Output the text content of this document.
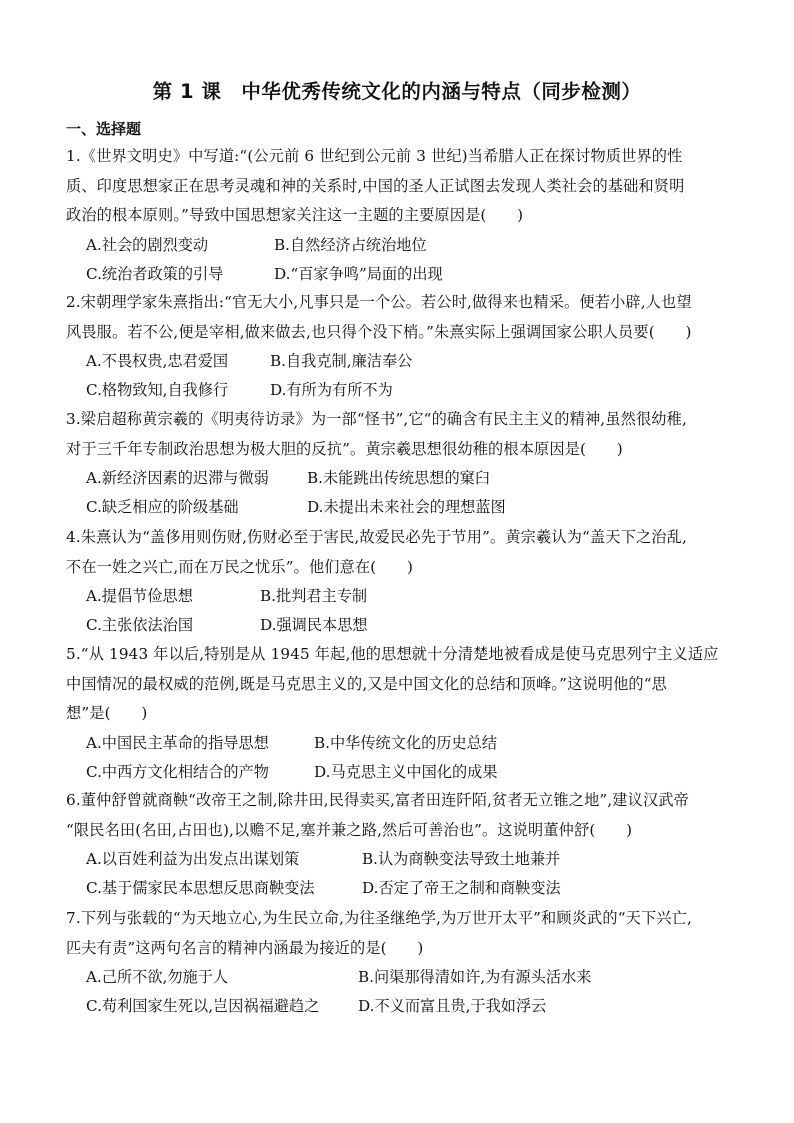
第 1 课　中华优秀传统文化的内涵与特点（同步检测）
一、选择题
1.《世界文明史》中写道:“(公元前 6 世纪到公元前 3 世纪)当希腊人正在探讨物质世界的性
质、印度思想家正在思考灵魂和神的关系时,中国的圣人正试图去发现人类社会的基础和贤明
政治的根本原则。”导致中国思想家关注这一主题的主要原因是(　　)
A.社会的剧烈变动	B.自然经济占统治地位
C.统治者政策的引导	D.“百家争鸣”局面的出现
2.宋朝理学家朱熹指出:“官无大小,凡事只是一个公。若公时,做得来也精采。便若小辟,人也望
风畏服。若不公,便是宰相,做来做去,也只得个没下梢。”朱熹实际上强调国家公职人员要(　　)
A.不畏权贵,忠君爱国	B.自我克制,廉洁奉公
C.格物致知,自我修行	D.有所为有所不为
3.梁启超称黄宗羲的《明夷待访录》为一部“怪书”,它“的确含有民主主义的精神,虽然很幼稚,
对于三千年专制政治思想为极大胆的反抗”。黄宗羲思想很幼稚的根本原因是(　　)
A.新经济因素的迟滞与微弱	B.未能跳出传统思想的窠臼
C.缺乏相应的阶级基础	D.未提出未来社会的理想蓝图
4.朱熹认为“盖侈用则伤财,伤财必至于害民,故爱民必先于节用”。黄宗羲认为“盖天下之治乱,
不在一姓之兴亡,而在万民之忧乐”。他们意在(　　)
A.提倡节俭思想	B.批判君主专制
C.主张依法治国	D.强调民本思想
5.“从 1943 年以后,特别是从 1945 年起,他的思想就十分清楚地被看成是使马克思列宁主义适应
中国情况的最权威的范例,既是马克思主义的,又是中国文化的总结和顶峰。”这说明他的“思
想”是(　　)
A.中国民主革命的指导思想	B.中华传统文化的历史总结
C.中西方文化相结合的产物	D.马克思主义中国化的成果
6.董仲舒曾就商鞅“改帝王之制,除井田,民得卖买,富者田连阡陌,贫者无立锥之地”,建议汉武帝
“限民名田(名田,占田也),以赡不足,塞并兼之路,然后可善治也”。这说明董仲舒(　　)
A.以百姓利益为出发点出谋划策	B.认为商鞅变法导致土地兼并
C.基于儒家民本思想反思商鞅变法	D.否定了帝王之制和商鞅变法
7.下列与张载的“为天地立心,为生民立命,为往圣继绝学,为万世开太平”和顾炎武的“天下兴亡,
匹夫有责”这两句名言的精神内涵最为接近的是(　　)
A.己所不欲,勿施于人	B.问渠那得清如许,为有源头活水来
C.苟利国家生死以,岂因祸福避趋之	D.不义而富且贵,于我如浮云
